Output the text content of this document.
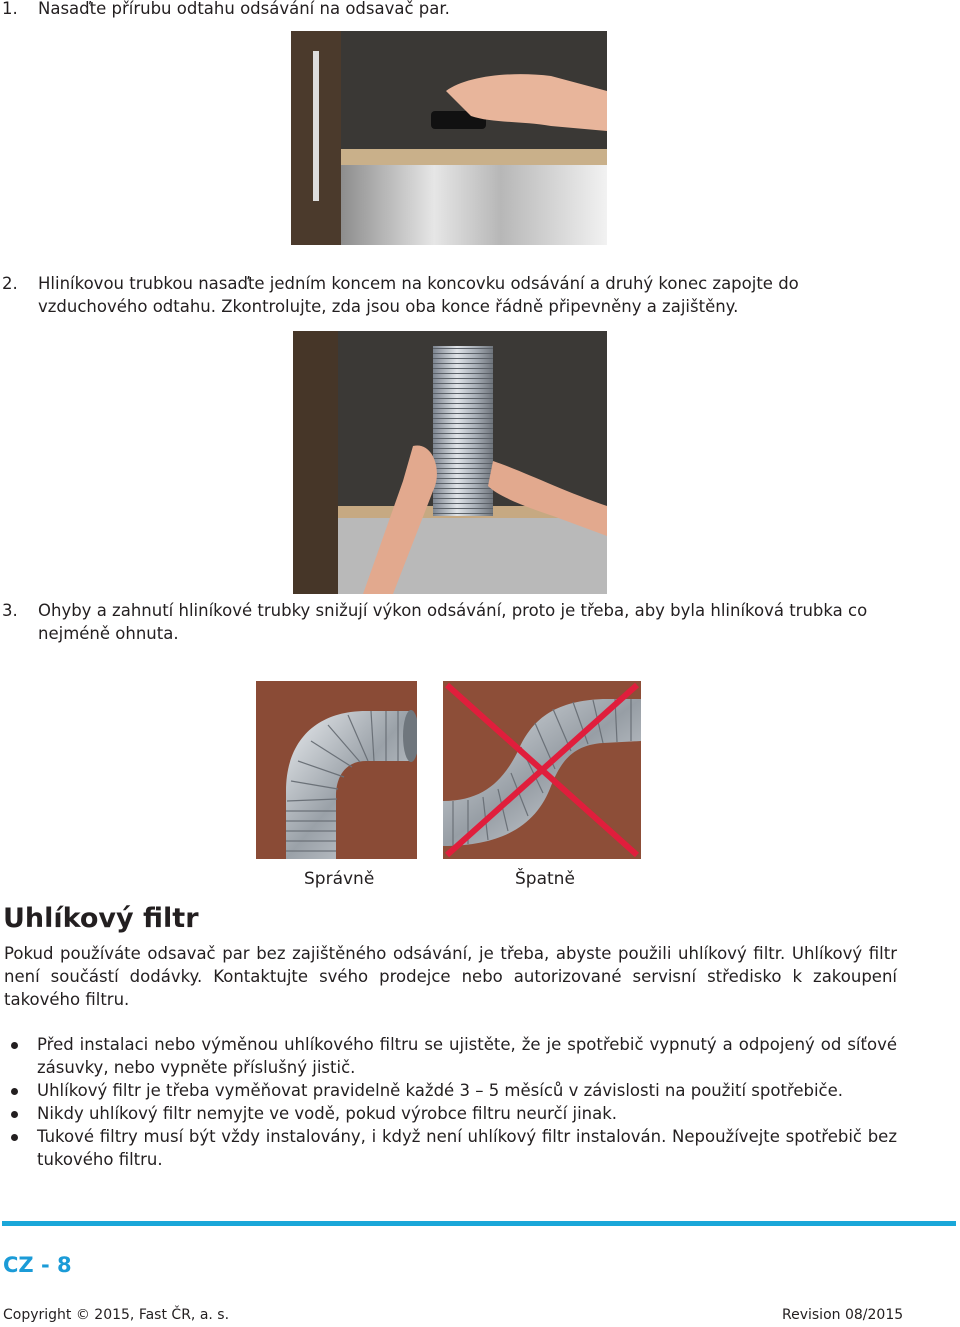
1. Nasaďte přírubu odtahu odsávání na odsavač par.
2. Hliníkovou trubkou nasaďte jedním koncem na koncovku odsávání a druhý konec zapojte do vzduchového odtahu. Zkontrolujte, zda jsou oba konce řádně připevněny a zajištěny.
3. Ohyby a zahnutí hliníkové trubky snižují výkon odsávání, proto je třeba, aby byla hliníková trubka co nejméně ohnuta.
Správně	Špatně
Uhlíkový filtr
Pokud používáte odsavač par bez zajištěného odsávání, je třeba, abyste použili uhlíkový filtr. Uhlíkový filtr není součástí dodávky. Kontaktujte svého prodejce nebo autorizované servisní středisko k zakoupení takového filtru.
Před instalaci nebo výměnou uhlíkového filtru se ujistěte, že je spotřebič vypnutý a odpojený od síťové zásuvky, nebo vypněte příslušný jistič.
Uhlíkový filtr je třeba vyměňovat pravidelně každé 3 – 5 měsíců v závislosti na použití spotřebiče.
Nikdy uhlíkový filtr nemyjte ve vodě, pokud výrobce filtru neurčí jinak.
Tukové filtry musí být vždy instalovány, i když není uhlíkový filtr instalován. Nepoužívejte spotřebič bez tukového filtru.
CZ - 8
Copyright © 2015, Fast ČR, a. s.	Revision 08/2015
